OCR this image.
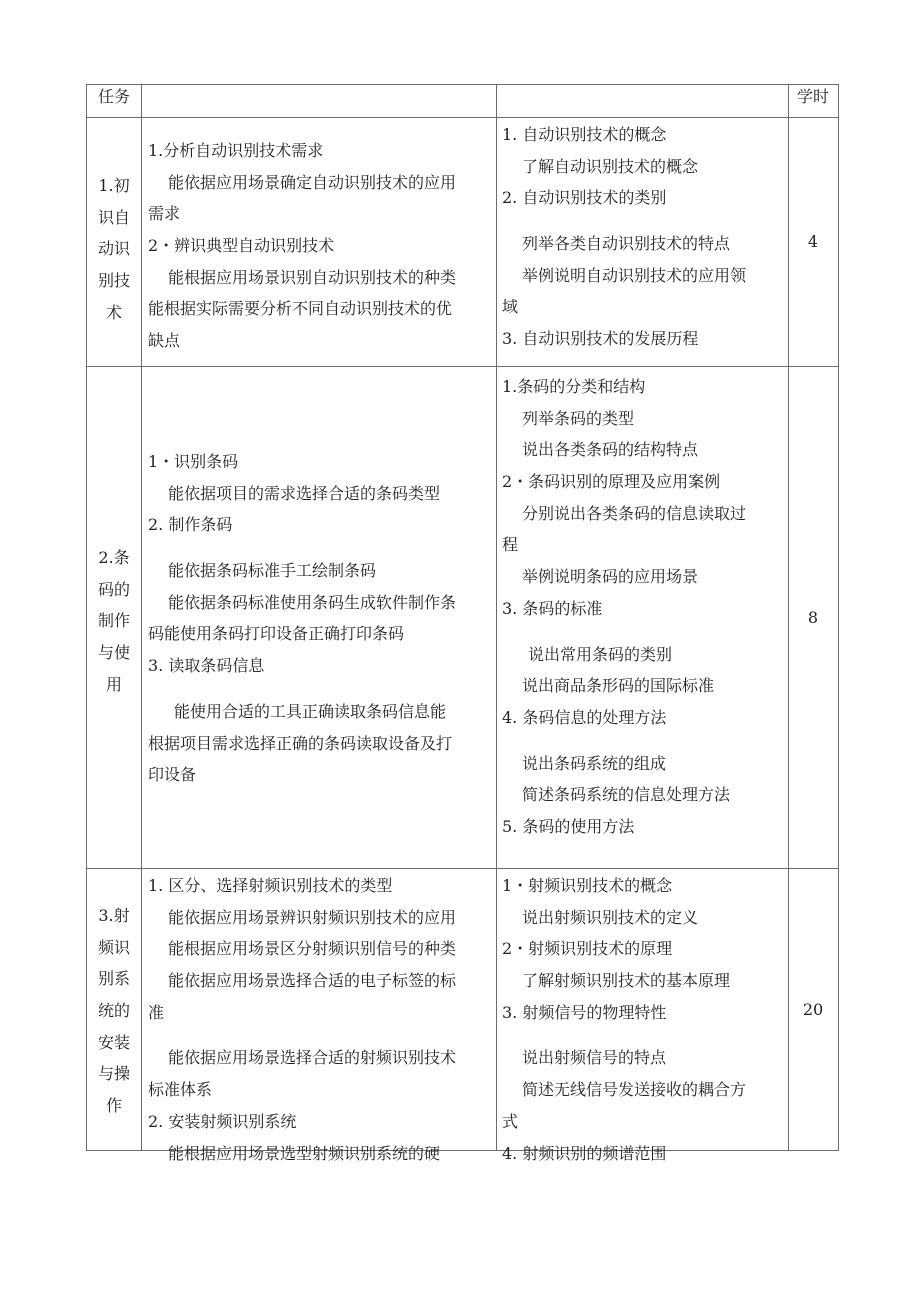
任务	学时
1.初
识自
动识
别技
术
1.分析自动识别技术需求
能依据应用场景确定自动识别技术的应用
需求
2・辨识典型自动识别技术
能根据应用场景识别自动识别技术的种类
能根据实际需要分析不同自动识别技术的优
缺点
1. 自动识别技术的概念
了解自动识别技术的概念
2. 自动识别技术的类别
列举各类自动识别技术的特点
举例说明自动识别技术的应用领
域
3. 自动识别技术的发展历程
4
2.条
码的
制作
与使
用
1・识别条码
能依据项目的需求选择合适的条码类型
2. 制作条码
能依据条码标准手工绘制条码
能依据条码标准使用条码生成软件制作条
码能使用条码打印设备正确打印条码
3. 读取条码信息
能使用合适的工具正确读取条码信息能
根据项目需求选择正确的条码读取设备及打
印设备
1.条码的分类和结构
列举条码的类型
说出各类条码的结构特点
2・条码识别的原理及应用案例
分别说出各类条码的信息读取过
程
举例说明条码的应用场景
3. 条码的标准
说出常用条码的类别
说出商品条形码的国际标准
4. 条码信息的处理方法
说出条码系统的组成
简述条码系统的信息处理方法
5. 条码的使用方法
8
3.射
频识
别系
统的
安装
与操
作
1. 区分、选择射频识别技术的类型
能依据应用场景辨识射频识别技术的应用
能根据应用场景区分射频识别信号的种类
能依据应用场景选择合适的电子标签的标
准
能依据应用场景选择合适的射频识别技术
标准体系
2. 安装射频识别系统
能根据应用场景选型射频识别系统的硬
1・射频识别技术的概念
说出射频识别技术的定义
2・射频识别技术的原理
了解射频识别技术的基本原理
3. 射频信号的物理特性
说出射频信号的特点
简述无线信号发送接收的耦合方
式
4. 射频识别的频谱范围
20
